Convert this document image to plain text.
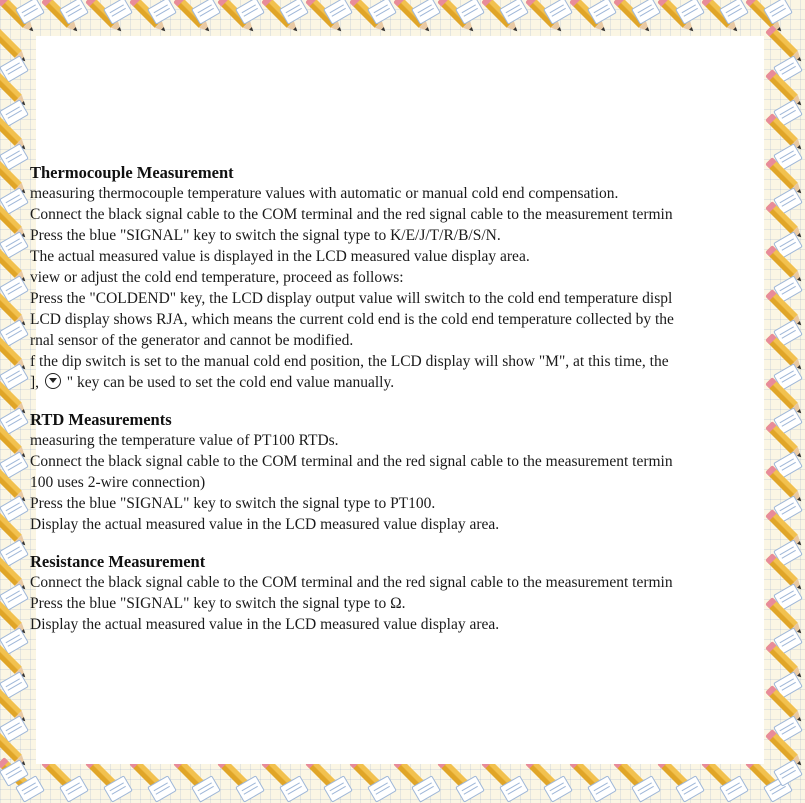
Thermocouple Measurement
measuring thermocouple temperature values with automatic or manual cold end compensation.
Connect the black signal cable to the COM terminal and the red signal cable to the measurement termin
Press the blue "SIGNAL" key to switch the signal type to K/E/J/T/R/B/S/N.
The actual measured value is displayed in the LCD measured value display area.
view or adjust the cold end temperature, proceed as follows:
Press the "COLDEND" key, the LCD display output value will switch to the cold end temperature displ
LCD display shows RJA, which means the current cold end is the cold end temperature collected by the
rnal sensor of the generator and cannot be modified.
f the dip switch is set to the manual cold end position, the LCD display will show "M", at this time, the
], " key can be used to set the cold end value manually.
RTD Measurements
measuring the temperature value of PT100 RTDs.
Connect the black signal cable to the COM terminal and the red signal cable to the measurement termin
100 uses 2-wire connection)
Press the blue "SIGNAL" key to switch the signal type to PT100.
Display the actual measured value in the LCD measured value display area.
Resistance Measurement
Connect the black signal cable to the COM terminal and the red signal cable to the measurement termin
Press the blue "SIGNAL" key to switch the signal type to Ω.
Display the actual measured value in the LCD measured value display area.
